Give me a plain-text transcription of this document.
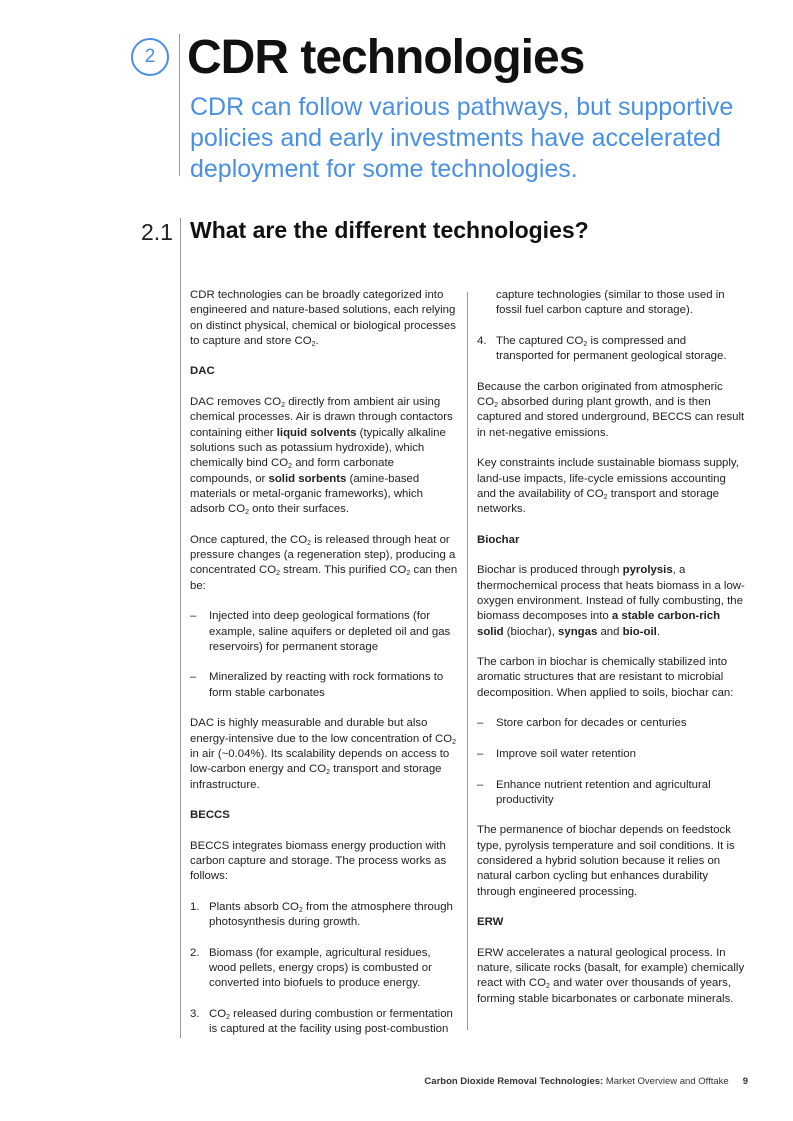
2 CDR technologies

CDR can follow various pathways, but supportive policies and early investments have accelerated deployment for some technologies.

2.1 What are the different technologies?

CDR technologies can be broadly categorized into engineered and nature-based solutions, each relying on distinct physical, chemical or biological processes to capture and store $CO_2$.

DAC

DAC removes $CO_2$ directly from ambient air using chemical processes. Air is drawn through contactors containing either liquid solvents (typically alkaline solutions such as potassium hydroxide), which chemically bind $CO_2$ and form carbonate compounds, or solid sorbents (amine-based materials or metal-organic frameworks), which adsorb $CO_2$ onto their surfaces.

Once captured, the $CO_2$ is released through heat or pressure changes (a regeneration step), producing a concentrated $CO_2$ stream. This purified $CO_2$ can then be:

– Injected into deep geological formations (for example, saline aquifers or depleted oil and gas reservoirs) for permanent storage
– Mineralized by reacting with rock formations to form stable carbonates

DAC is highly measurable and durable but also energy-intensive due to the low concentration of $CO_2$ in air (~0.04%). Its scalability depends on access to low-carbon energy and $CO_2$ transport and storage infrastructure.

BECCS

BECCS integrates biomass energy production with carbon capture and storage. The process works as follows:

1. Plants absorb $CO_2$ from the atmosphere through photosynthesis during growth.
2. Biomass (for example, agricultural residues, wood pellets, energy crops) is combusted or converted into biofuels to produce energy.
3. $CO_2$ released during combustion or fermentation is captured at the facility using post-combustion
capture technologies (similar to those used in fossil fuel carbon capture and storage).
4. The captured $CO_2$ is compressed and transported for permanent geological storage.

Because the carbon originated from atmospheric $CO_2$ absorbed during plant growth, and is then captured and stored underground, BECCS can result in net-negative emissions.

Key constraints include sustainable biomass supply, land-use impacts, life-cycle emissions accounting and the availability of $CO_2$ transport and storage networks.

Biochar

Biochar is produced through pyrolysis, a thermochemical process that heats biomass in a low-oxygen environment. Instead of fully combusting, the biomass decomposes into a stable carbon-rich solid (biochar), syngas and bio-oil.

The carbon in biochar is chemically stabilized into aromatic structures that are resistant to microbial decomposition. When applied to soils, biochar can:

– Store carbon for decades or centuries
– Improve soil water retention
– Enhance nutrient retention and agricultural productivity

The permanence of biochar depends on feedstock type, pyrolysis temperature and soil conditions. It is considered a hybrid solution because it relies on natural carbon cycling but enhances durability through engineered processing.

ERW

ERW accelerates a natural geological process. In nature, silicate rocks (basalt, for example) chemically react with $CO_2$ and water over thousands of years, forming stable bicarbonates or carbonate minerals.

Carbon Dioxide Removal Technologies: Market Overview and Offtake 9
